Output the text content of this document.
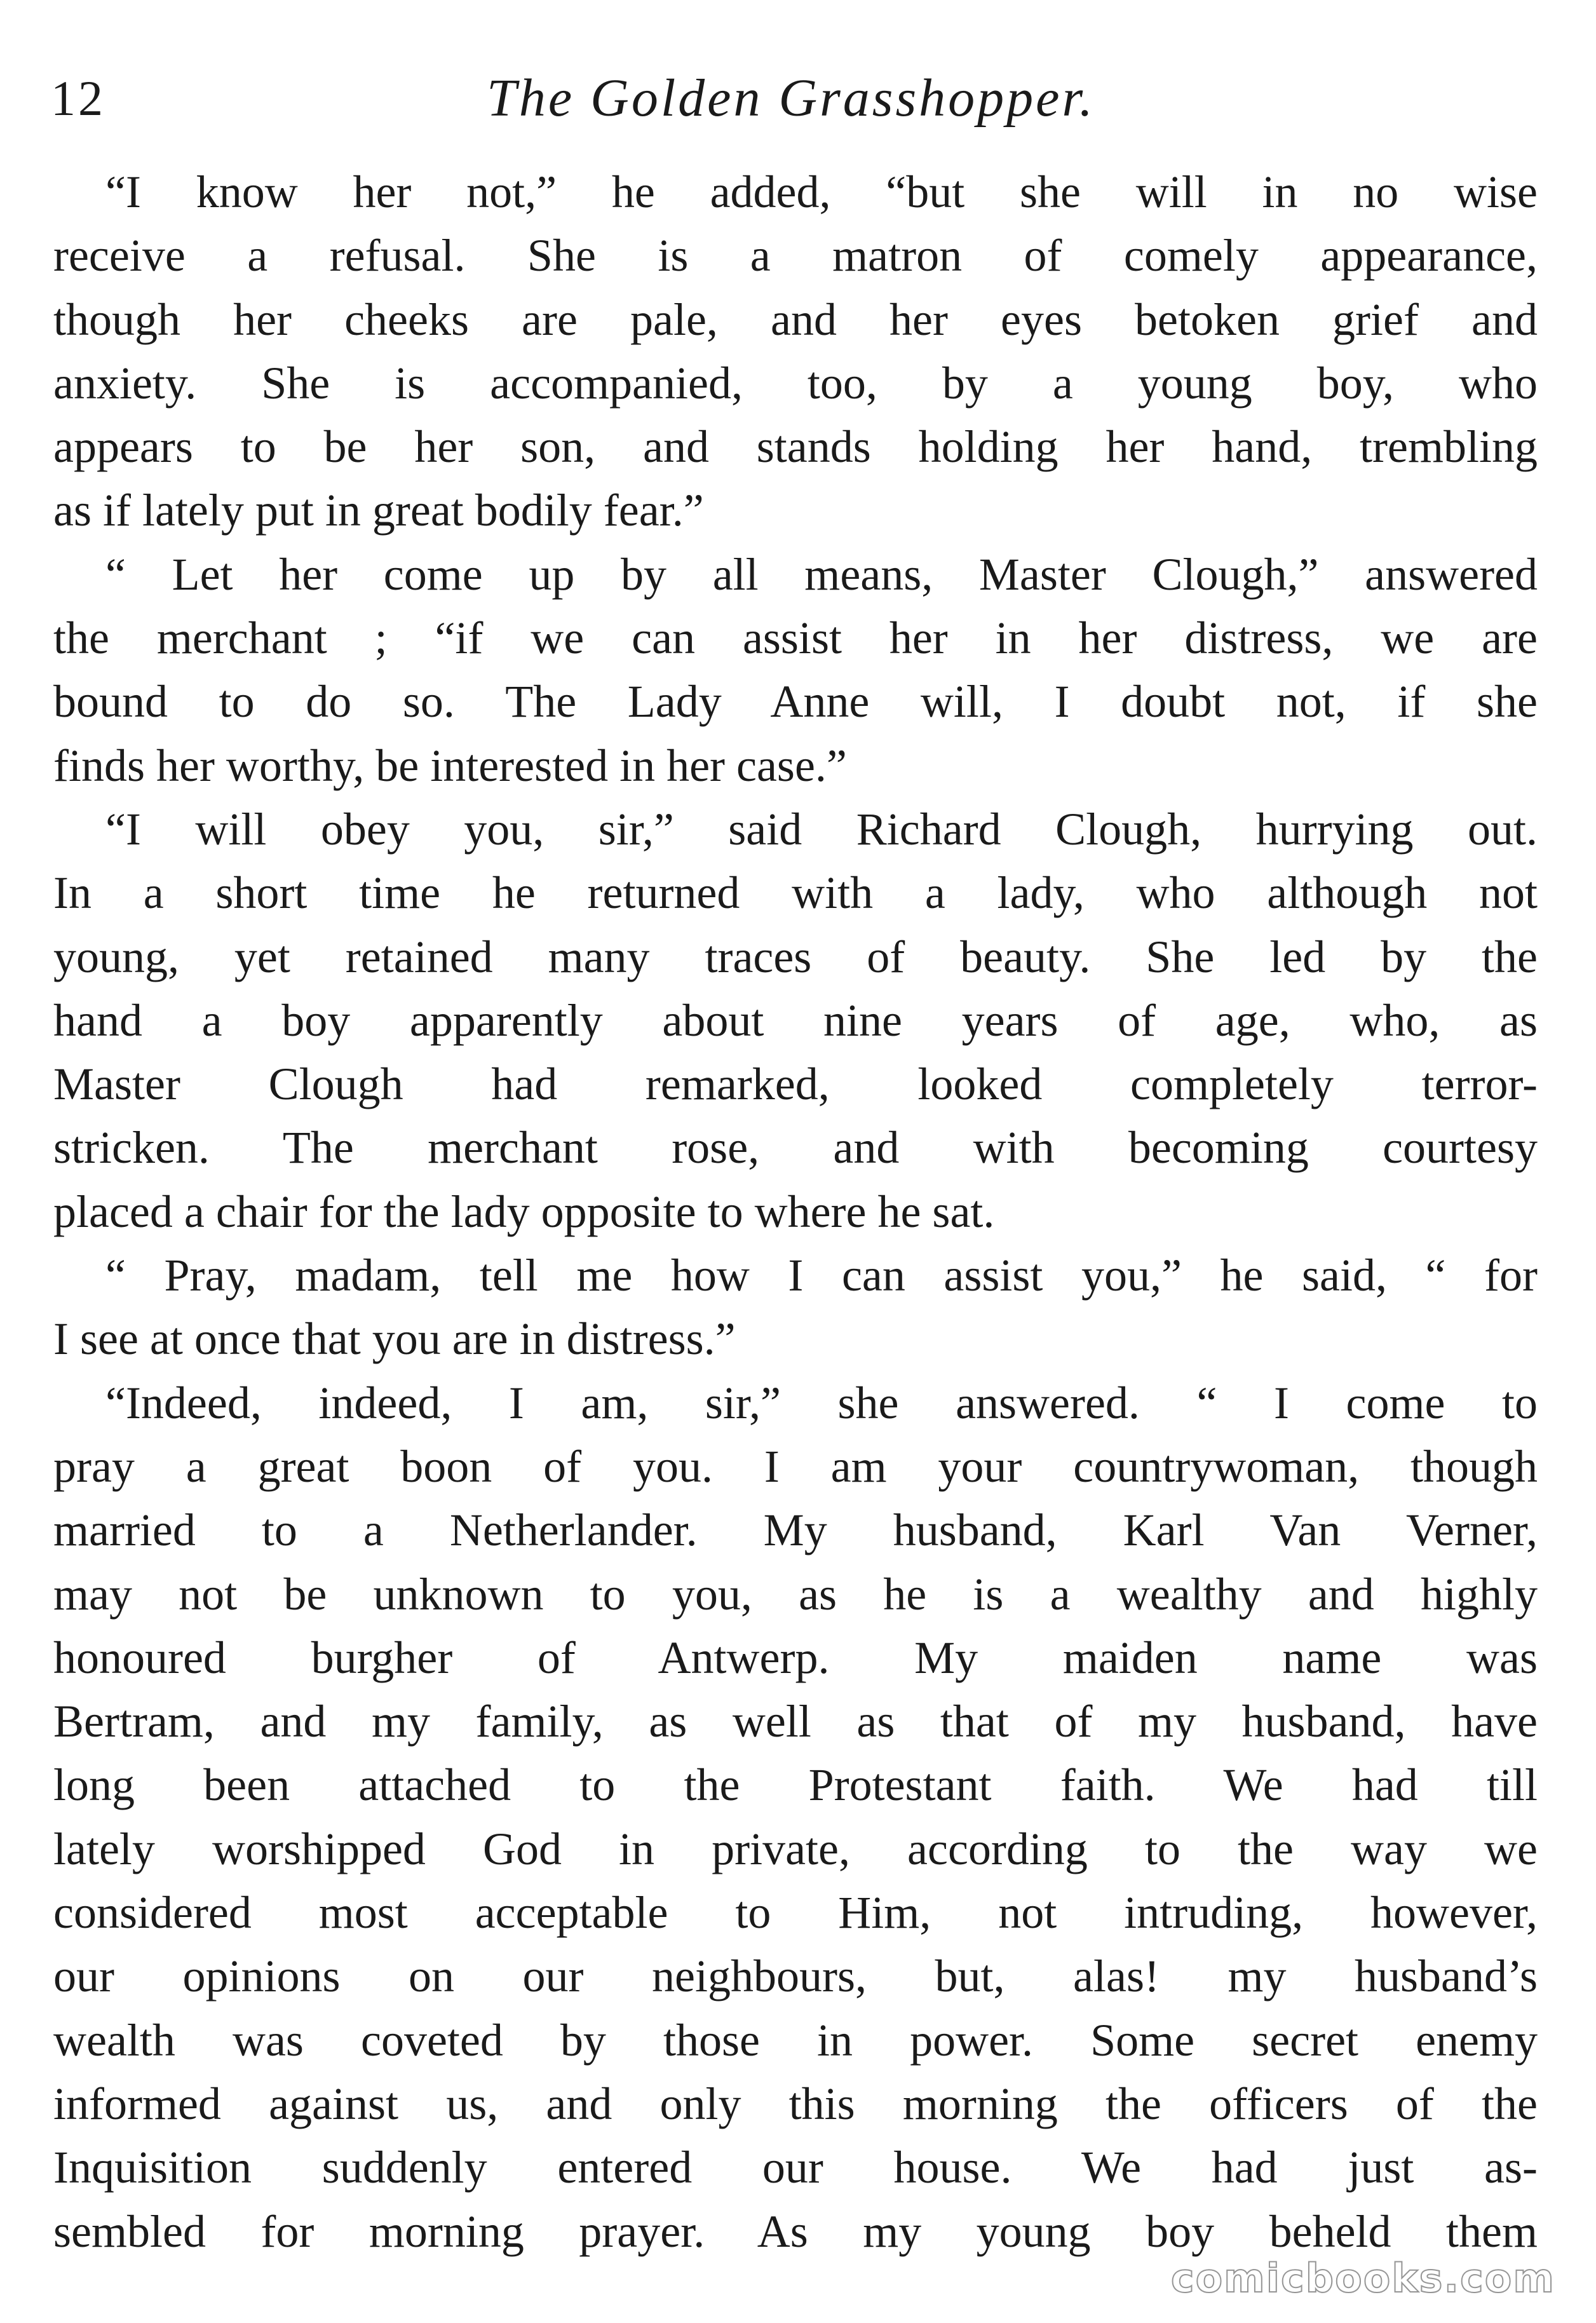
12	The Golden Grasshopper.
“I know her not,” he added, “but she will in no wise
receive a refusal. She is a matron of comely appearance,
though her cheeks are pale, and her eyes betoken grief and
anxiety. She is accompanied, too, by a young boy, who
appears to be her son, and stands holding her hand, trembling
as if lately put in great bodily fear.”
“ Let her come up by all means, Master Clough,” answered
the merchant ; “if we can assist her in her distress, we are
bound to do so. The Lady Anne will, I doubt not, if she
finds her worthy, be interested in her case.”
“I will obey you, sir,” said Richard Clough, hurrying out.
In a short time he returned with a lady, who although not
young, yet retained many traces of beauty. She led by the
hand a boy apparently about nine years of age, who, as
Master Clough had remarked, looked completely terror-
stricken. The merchant rose, and with becoming courtesy
placed a chair for the lady opposite to where he sat.
“ Pray, madam, tell me how I can assist you,” he said, “ for
I see at once that you are in distress.”
“Indeed, indeed, I am, sir,” she answered. “ I come to
pray a great boon of you. I am your countrywoman, though
married to a Netherlander. My husband, Karl Van Verner,
may not be unknown to you, as he is a wealthy and highly
honoured burgher of Antwerp. My maiden name was
Bertram, and my family, as well as that of my husband, have
long been attached to the Protestant faith. We had till
lately worshipped God in private, according to the way we
considered most acceptable to Him, not intruding, however,
our opinions on our neighbours, but, alas! my husband’s
wealth was coveted by those in power. Some secret enemy
informed against us, and only this morning the officers of the
Inquisition suddenly entered our house. We had just as-
sembled for morning prayer. As my young boy beheld them
comicbooks.com
